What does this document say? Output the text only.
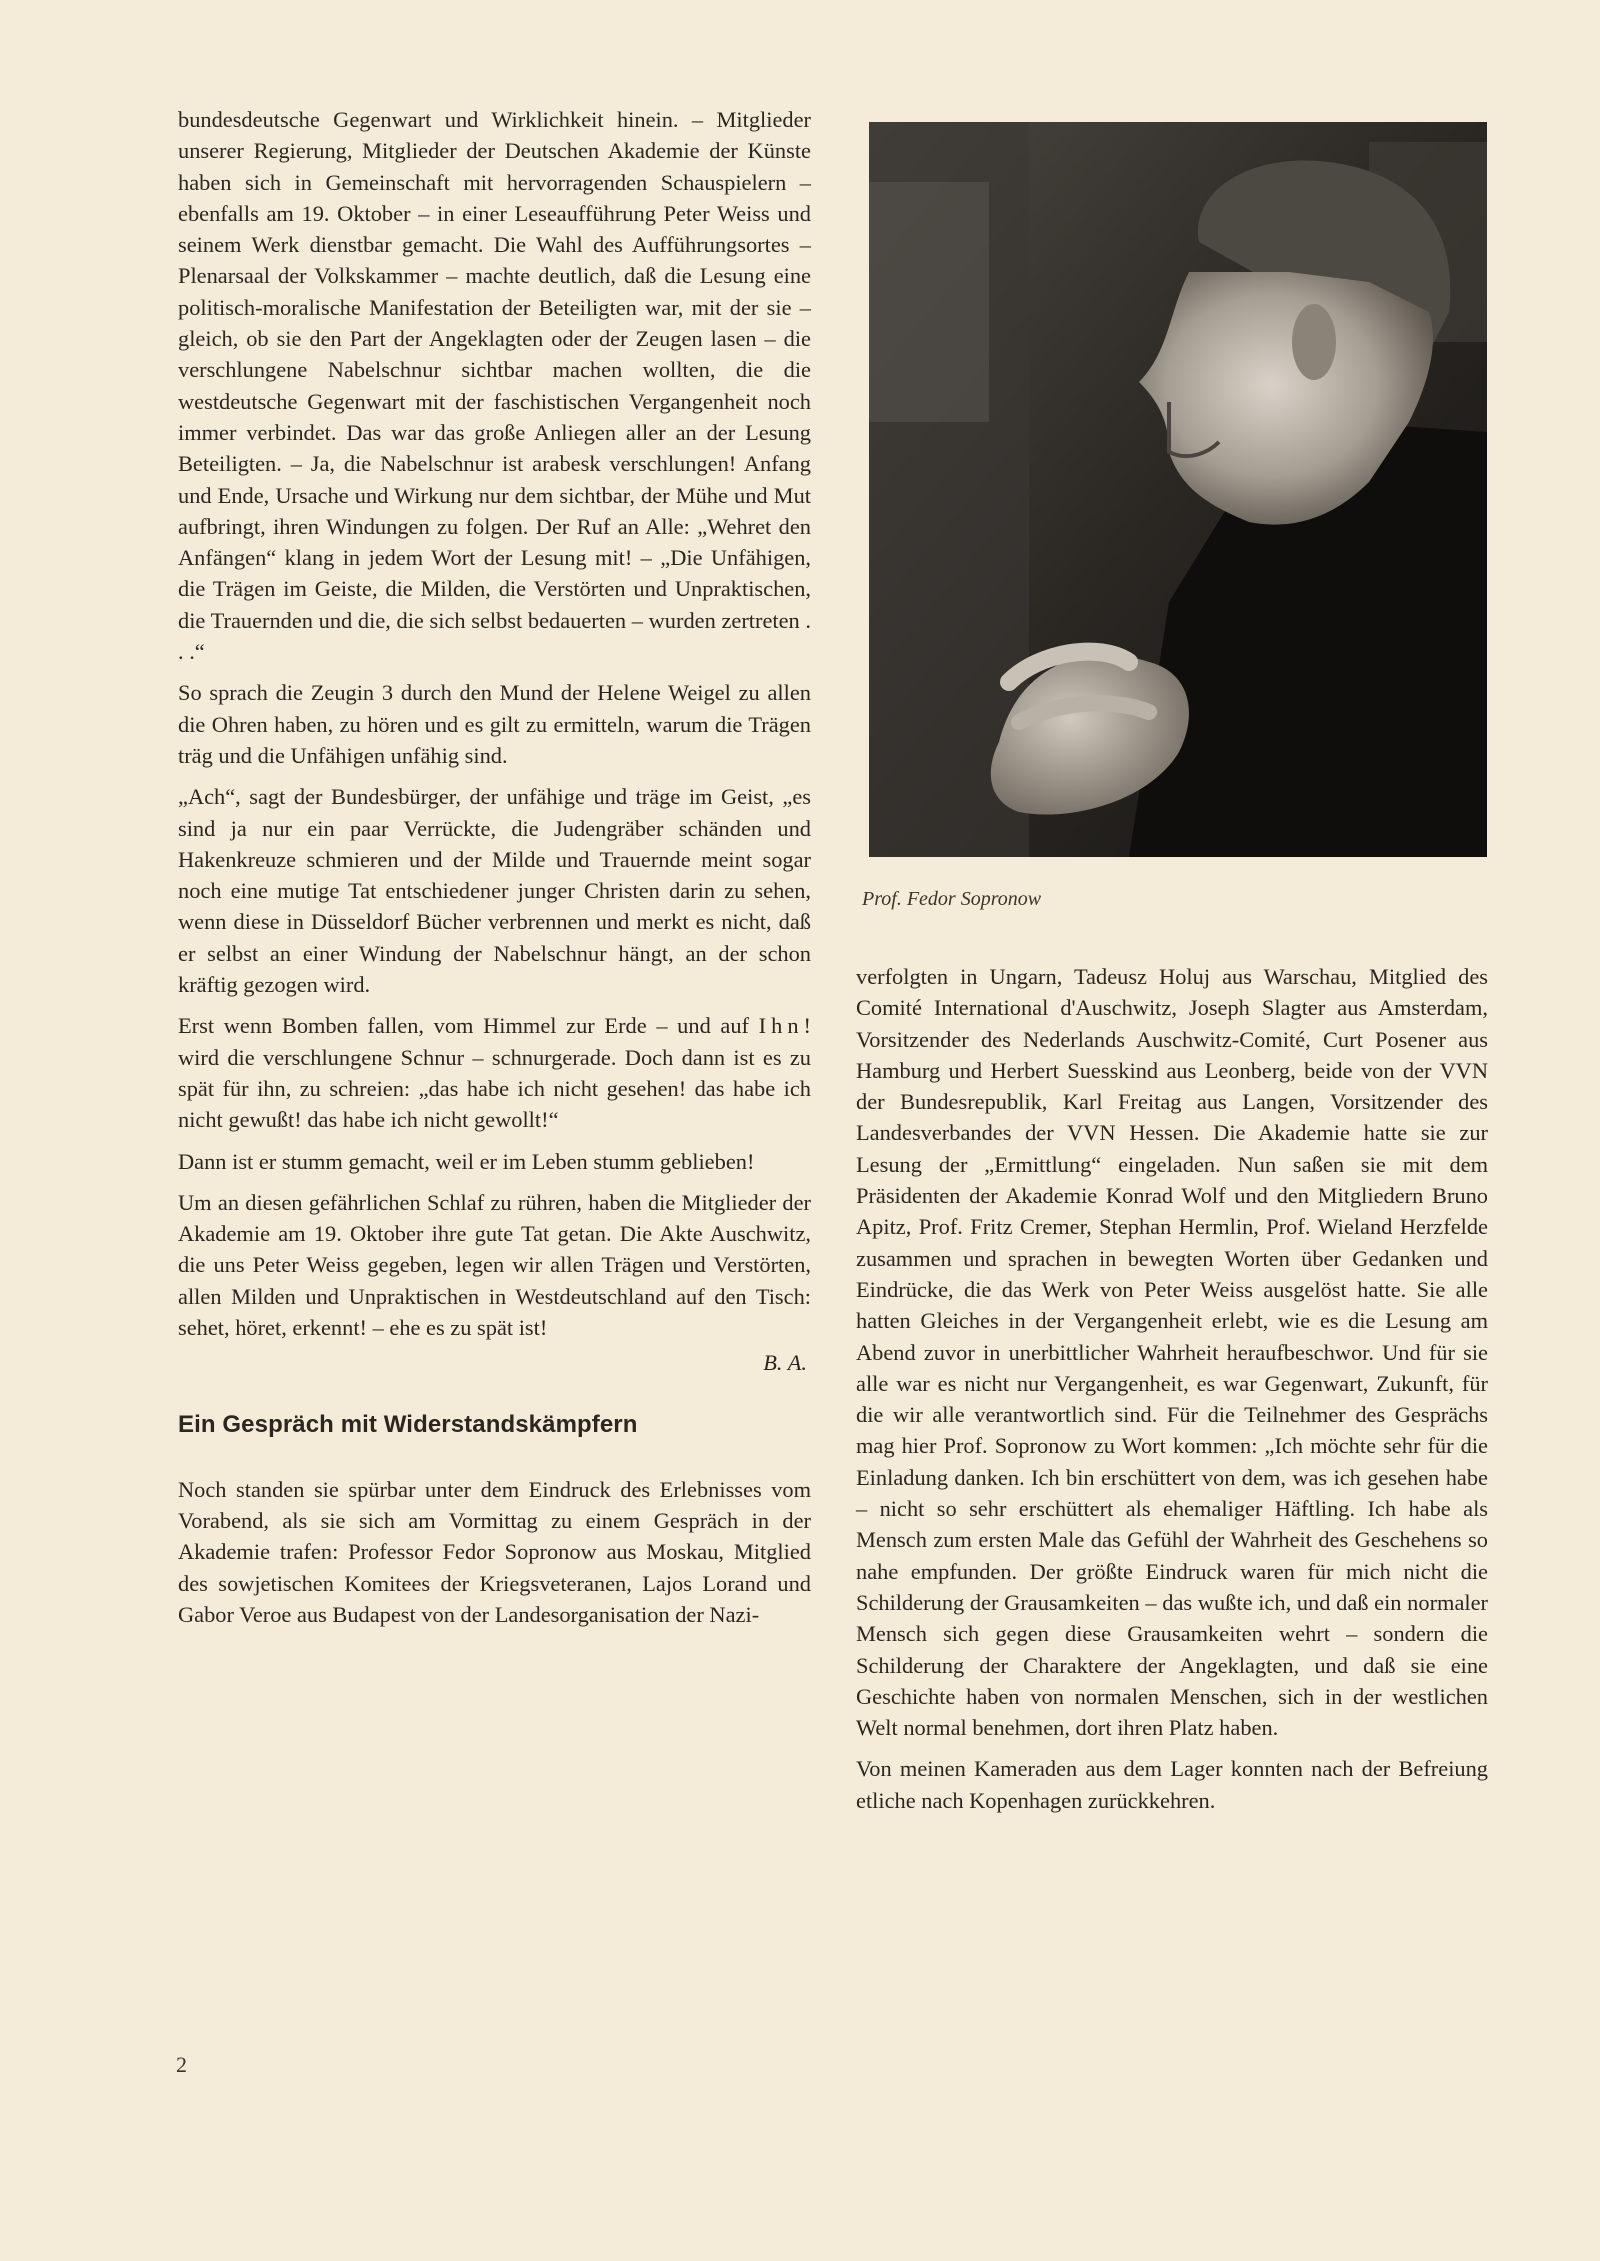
bundesdeutsche Gegenwart und Wirklichkeit hinein. – Mitglieder unserer Regierung, Mitglieder der Deutschen Akademie der Künste haben sich in Gemeinschaft mit hervorragenden Schauspielern – ebenfalls am 19. Oktober – in einer Leseaufführung Peter Weiss und seinem Werk dienstbar gemacht. Die Wahl des Aufführungsortes – Plenarsaal der Volkskammer – machte deutlich, daß die Lesung eine politisch-moralische Manifestation der Beteiligten war, mit der sie – gleich, ob sie den Part der Angeklagten oder der Zeugen lasen – die verschlungene Nabelschnur sichtbar machen wollten, die die westdeutsche Gegenwart mit der faschistischen Vergangenheit noch immer verbindet. Das war das große Anliegen aller an der Lesung Beteiligten. – Ja, die Nabelschnur ist arabesk verschlungen! Anfang und Ende, Ursache und Wirkung nur dem sichtbar, der Mühe und Mut aufbringt, ihren Windungen zu folgen. Der Ruf an Alle: „Wehret den Anfängen“ klang in jedem Wort der Lesung mit! – „Die Unfähigen, die Trägen im Geiste, die Milden, die Verstörten und Unpraktischen, die Trauernden und die, die sich selbst bedauerten – wurden zertreten . . .“

So sprach die Zeugin 3 durch den Mund der Helene Weigel zu allen die Ohren haben, zu hören und es gilt zu ermitteln, warum die Trägen träg und die Unfähigen unfähig sind.

„Ach“, sagt der Bundesbürger, der unfähige und träge im Geist, „es sind ja nur ein paar Verrückte, die Judengräber schänden und Hakenkreuze schmieren und der Milde und Trauernde meint sogar noch eine mutige Tat entschiedener junger Christen darin zu sehen, wenn diese in Düsseldorf Bücher verbrennen und merkt es nicht, daß er selbst an einer Windung der Nabelschnur hängt, an der schon kräftig gezogen wird.

Erst wenn Bomben fallen, vom Himmel zur Erde – und auf Ihn! wird die verschlungene Schnur – schnurgerade. Doch dann ist es zu spät für ihn, zu schreien: „das habe ich nicht gesehen! das habe ich nicht gewußt! das habe ich nicht gewollt!“

Dann ist er stumm gemacht, weil er im Leben stumm geblieben!

Um an diesen gefährlichen Schlaf zu rühren, haben die Mitglieder der Akademie am 19. Oktober ihre gute Tat getan. Die Akte Auschwitz, die uns Peter Weiss gegeben, legen wir allen Trägen und Verstörten, allen Milden und Unpraktischen in Westdeutschland auf den Tisch: sehet, höret, erkennt! – ehe es zu spät ist!

B. A.
Ein Gespräch mit Widerstandskämpfern

Noch standen sie spürbar unter dem Eindruck des Erlebnisses vom Vorabend, als sie sich am Vormittag zu einem Gespräch in der Akademie trafen: Professor Fedor Sopronow aus Moskau, Mitglied des sowjetischen Komitees der Kriegsveteranen, Lajos Lorand und Gabor Veroe aus Budapest von der Landesorganisation der Nazi-

Prof. Fedor Sopronow

verfolgten in Ungarn, Tadeusz Holuj aus Warschau, Mitglied des Comité International d'Auschwitz, Joseph Slagter aus Amsterdam, Vorsitzender des Nederlands Auschwitz-Comité, Curt Posener aus Hamburg und Herbert Suesskind aus Leonberg, beide von der VVN der Bundesrepublik, Karl Freitag aus Langen, Vorsitzender des Landesverbandes der VVN Hessen. Die Akademie hatte sie zur Lesung der „Ermittlung“ eingeladen. Nun saßen sie mit dem Präsidenten der Akademie Konrad Wolf und den Mitgliedern Bruno Apitz, Prof. Fritz Cremer, Stephan Hermlin, Prof. Wieland Herzfelde zusammen und sprachen in bewegten Worten über Gedanken und Eindrücke, die das Werk von Peter Weiss ausgelöst hatte. Sie alle hatten Gleiches in der Vergangenheit erlebt, wie es die Lesung am Abend zuvor in unerbittlicher Wahrheit heraufbeschwor. Und für sie alle war es nicht nur Vergangenheit, es war Gegenwart, Zukunft, für die wir alle verantwortlich sind. Für die Teilnehmer des Gesprächs mag hier Prof. Sopronow zu Wort kommen: „Ich möchte sehr für die Einladung danken. Ich bin erschüttert von dem, was ich gesehen habe – nicht so sehr erschüttert als ehemaliger Häftling. Ich habe als Mensch zum ersten Male das Gefühl der Wahrheit des Geschehens so nahe empfunden. Der größte Eindruck waren für mich nicht die Schilderung der Grausamkeiten – das wußte ich, und daß ein normaler Mensch sich gegen diese Grausamkeiten wehrt – sondern die Schilderung der Charaktere der Angeklagten, und daß sie eine Geschichte haben von normalen Menschen, sich in der westlichen Welt normal benehmen, dort ihren Platz haben.

Von meinen Kameraden aus dem Lager konnten nach der Befreiung etliche nach Kopenhagen zurückkehren.

2
